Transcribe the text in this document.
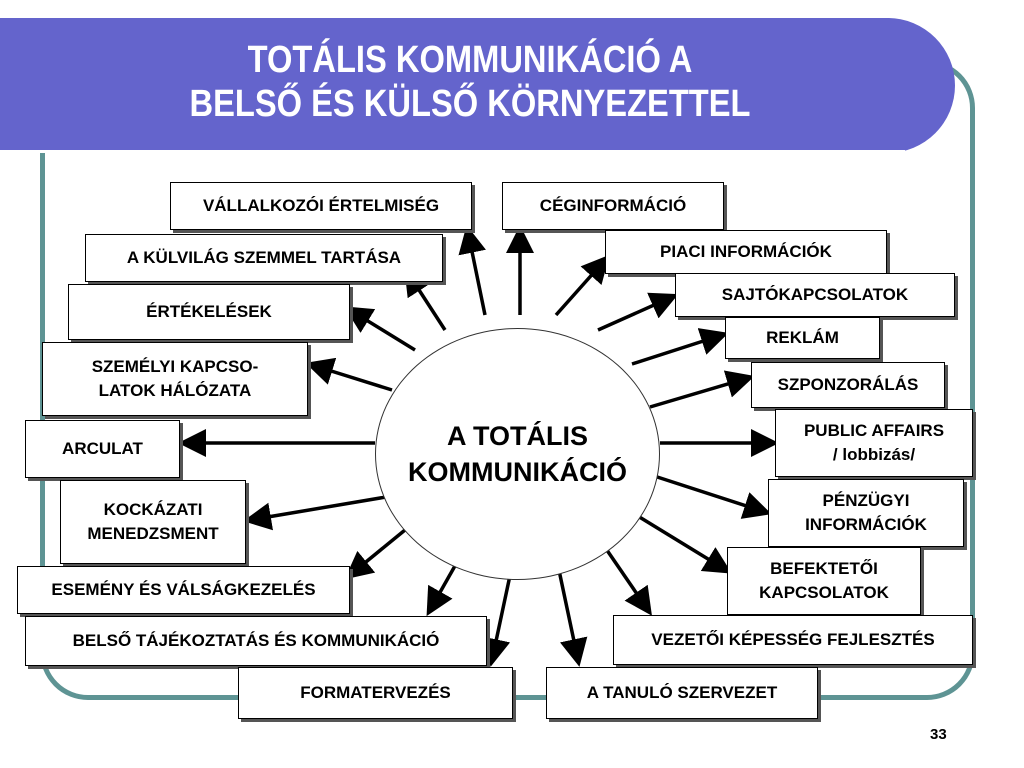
TOTÁLIS KOMMUNIKÁCIÓ A
BELSŐ ÉS KÜLSŐ KÖRNYEZETTEL
A TOTÁLIS
KOMMUNIKÁCIÓ
VÁLLALKOZÓI ÉRTELMISÉG
A KÜLVILÁG SZEMMEL TARTÁSA
ÉRTÉKELÉSEK
SZEMÉLYI KAPCSO-
LATOK HÁLÓZATA
ARCULAT
KOCKÁZATI
MENEDZSMENT
ESEMÉNY ÉS VÁLSÁGKEZELÉS
BELSŐ TÁJÉKOZTATÁS ÉS KOMMUNIKÁCIÓ
FORMATERVEZÉS
CÉGINFORMÁCIÓ
PIACI INFORMÁCIÓK
SAJTÓKAPCSOLATOK
REKLÁM
SZPONZORÁLÁS
PUBLIC AFFAIRS
/ lobbizás/
PÉNZÜGYI
INFORMÁCIÓK
BEFEKTETŐI
KAPCSOLATOK
VEZETŐI KÉPESSÉG FEJLESZTÉS
A TANULÓ SZERVEZET
33
